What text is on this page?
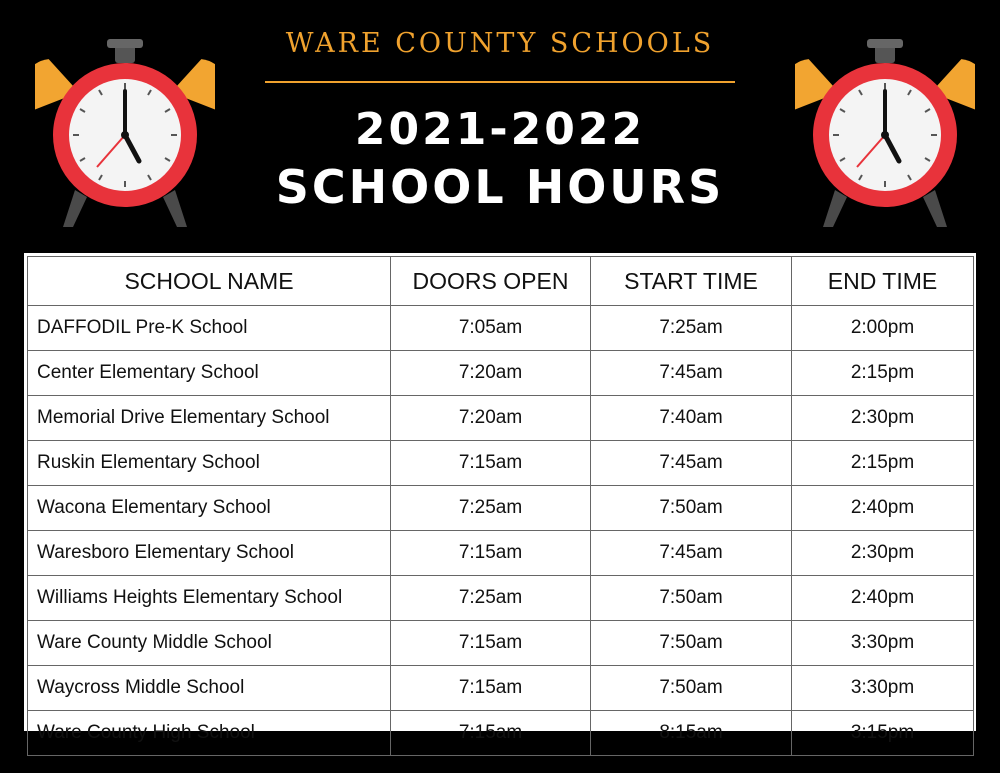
WARE COUNTY SCHOOLS
2021-2022
SCHOOL HOURS
SCHOOL NAME	DOORS OPEN	START TIME	END TIME
DAFFODIL Pre-K School	7:05am	7:25am	2:00pm
Center Elementary School	7:20am	7:45am	2:15pm
Memorial Drive Elementary School	7:20am	7:40am	2:30pm
Ruskin Elementary School	7:15am	7:45am	2:15pm
Wacona Elementary School	7:25am	7:50am	2:40pm
Waresboro Elementary School	7:15am	7:45am	2:30pm
Williams Heights Elementary School	7:25am	7:50am	2:40pm
Ware County Middle School	7:15am	7:50am	3:30pm
Waycross Middle School	7:15am	7:50am	3:30pm
Ware County High School	7:15am	8:15am	3:15pm
